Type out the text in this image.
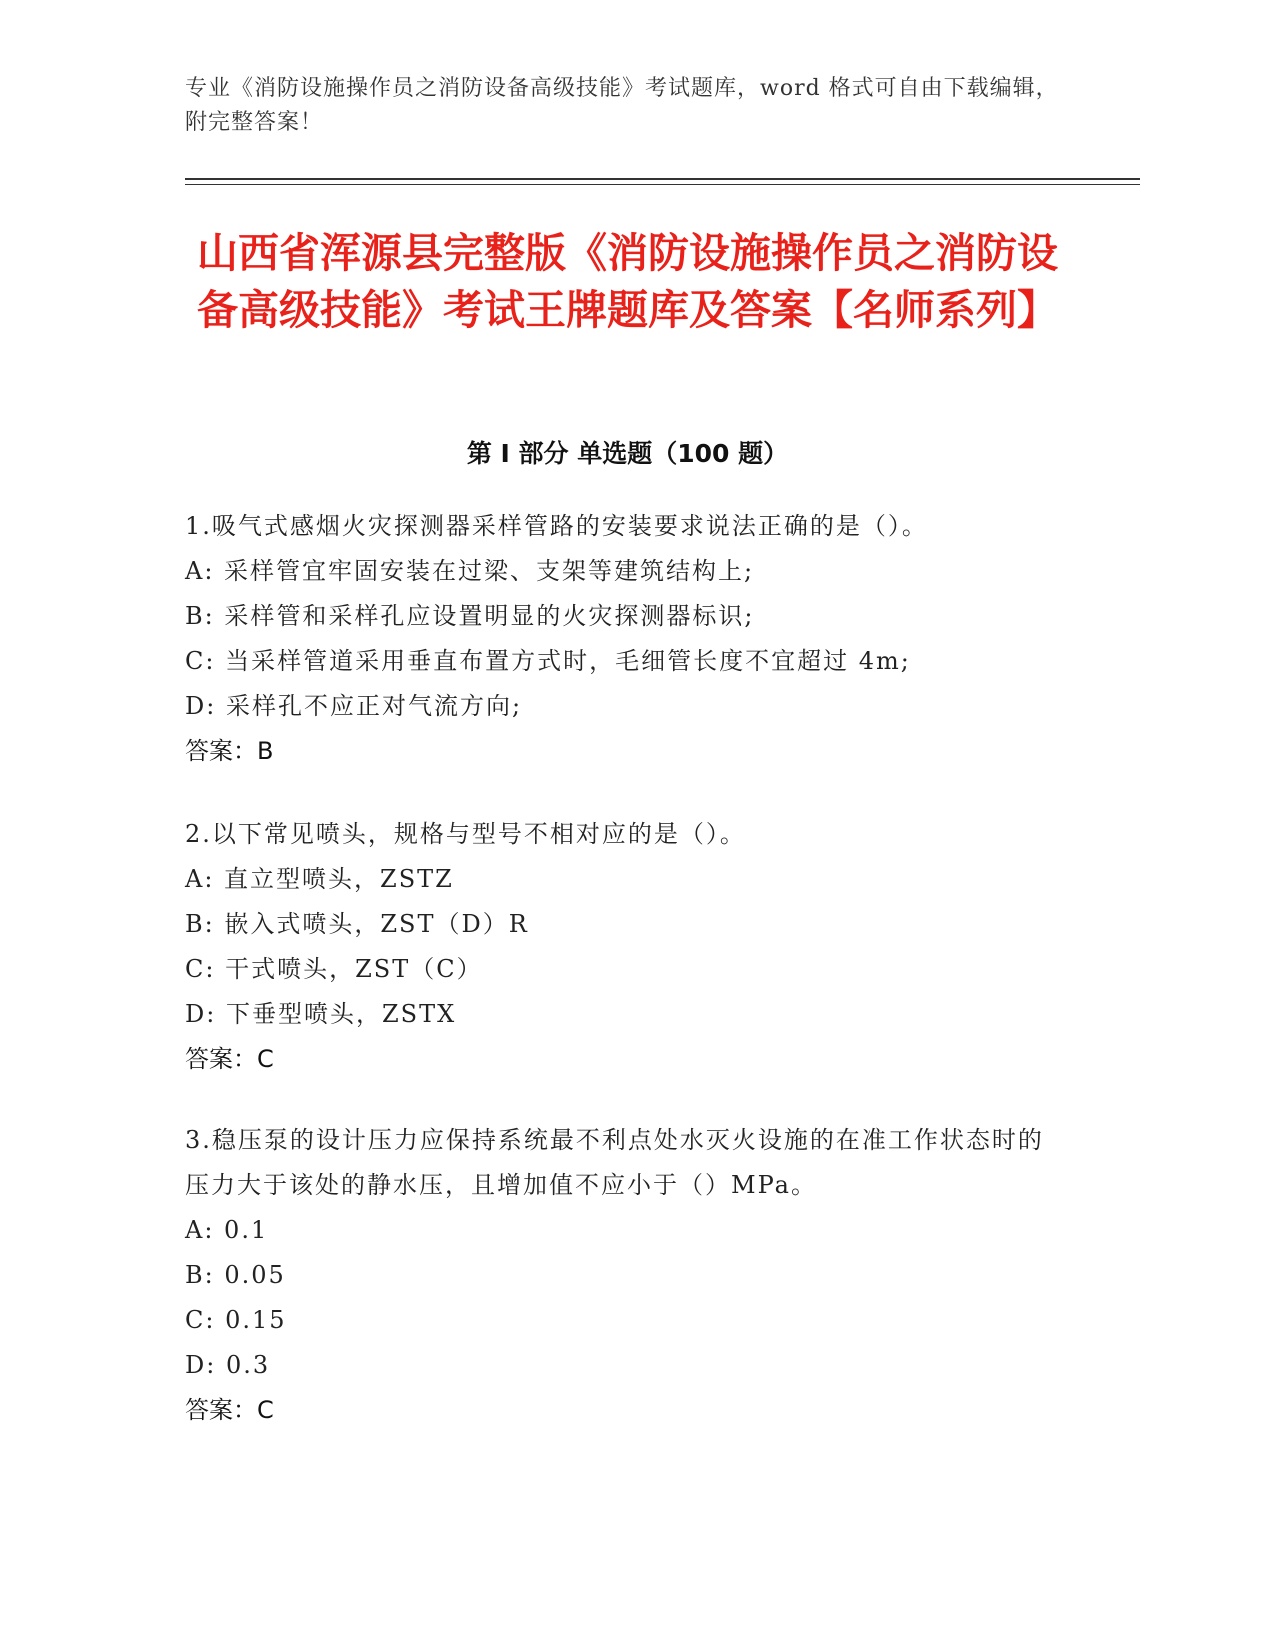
专业《消防设施操作员之消防设备高级技能》考试题库，word 格式可自由下载编辑，附完整答案！
山西省浑源县完整版《消防设施操作员之消防设备高级技能》考试王牌题库及答案【名师系列】
第 I 部分 单选题（100 题）

1.吸气式感烟火灾探测器采样管路的安装要求说法正确的是（）。

A: 采样管宜牢固安装在过梁、支架等建筑结构上;

B: 采样管和采样孔应设置明显的火灾探测器标识;

C: 当采样管道采用垂直布置方式时，毛细管长度不宜超过 4m;

D: 采样孔不应正对气流方向;

答案：B

2.以下常见喷头，规格与型号不相对应的是（）。

A: 直立型喷头，ZSTZ

B: 嵌入式喷头，ZST（D）R

C: 干式喷头，ZST（C）

D: 下垂型喷头，ZSTX

答案：C

3.稳压泵的设计压力应保持系统最不利点处水灭火设施的在准工作状态时的压力大于该处的静水压，且增加值不应小于（）MPa。

A: 0.1

B: 0.05

C: 0.15

D: 0.3

答案：C
